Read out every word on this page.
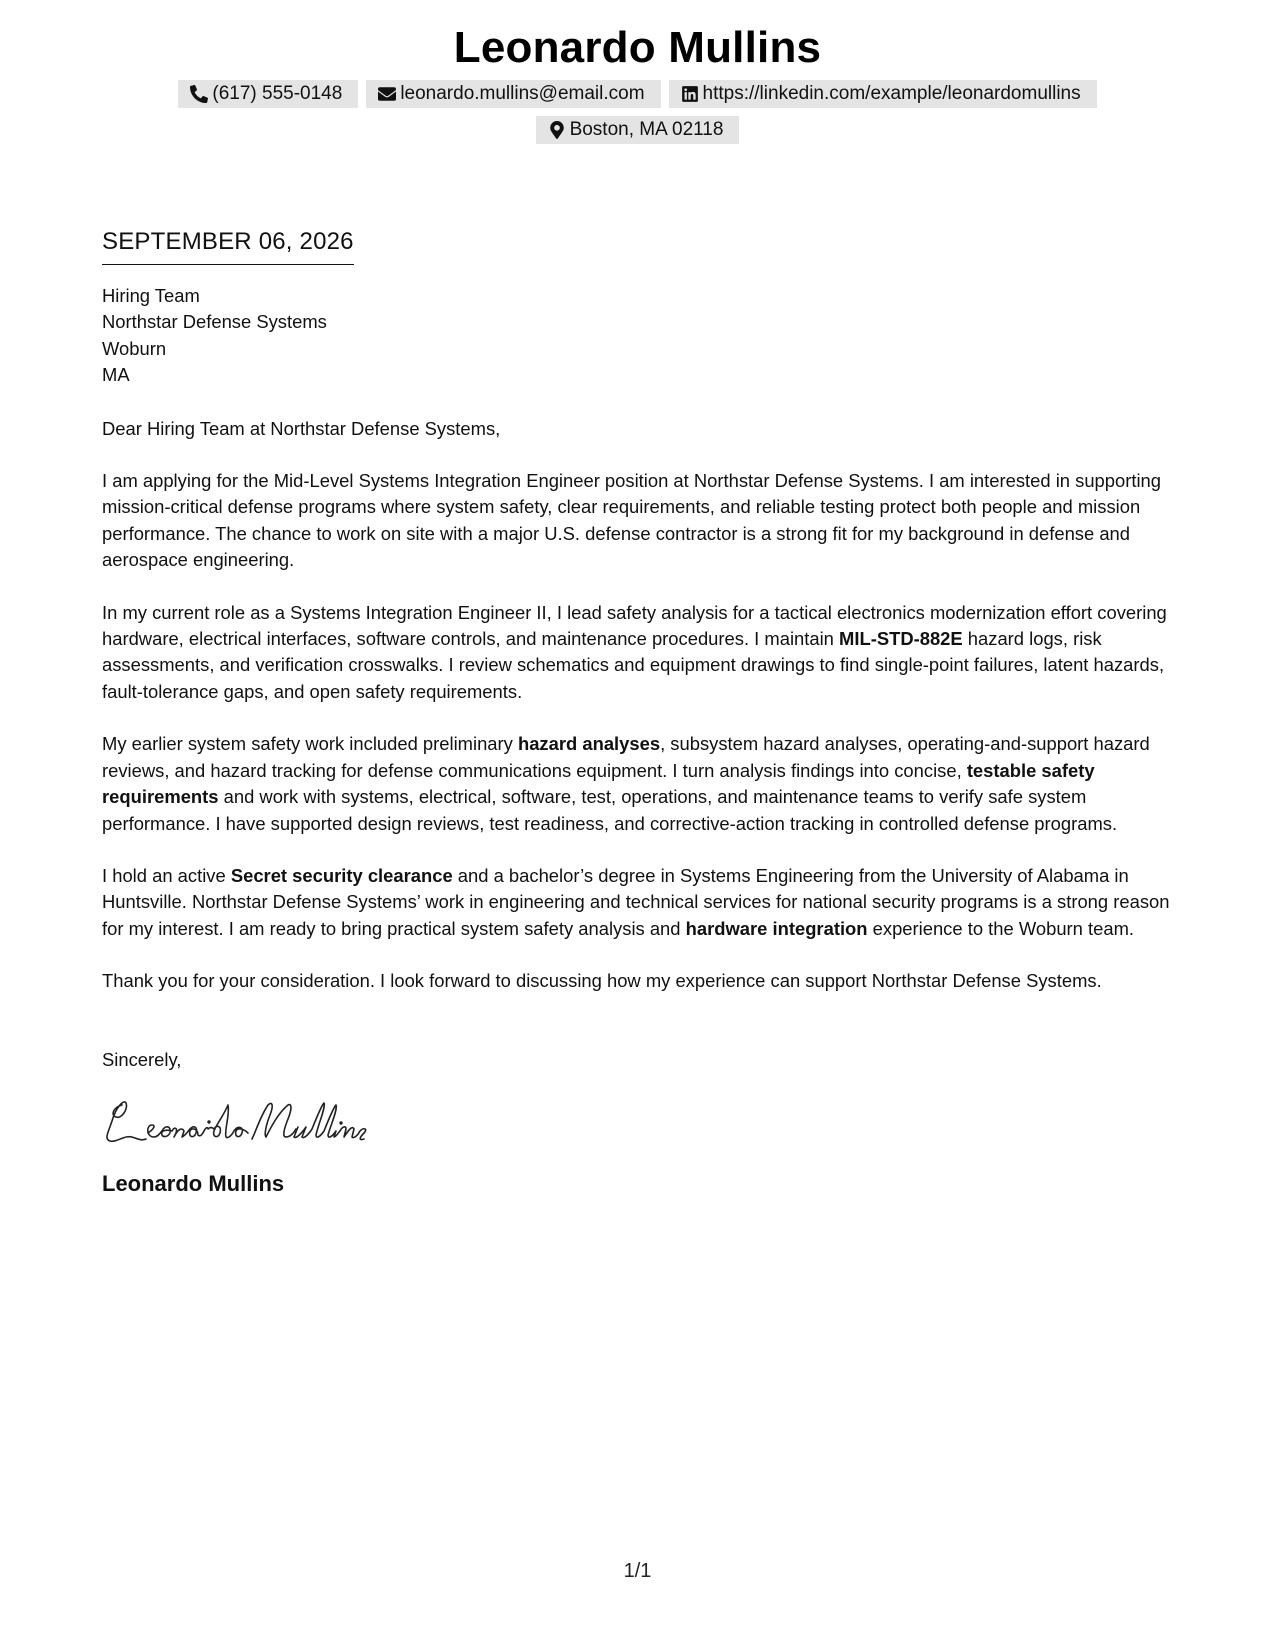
Leonardo Mullins
(617) 555-0148	leonardo.mullins@email.com	https://linkedin.com/example/leonardomullins
Boston, MA 02118
SEPTEMBER 06, 2026
Hiring Team
Northstar Defense Systems
Woburn
MA
Dear Hiring Team at Northstar Defense Systems,

I am applying for the Mid-Level Systems Integration Engineer position at Northstar Defense Systems. I am interested in supporting mission-critical defense programs where system safety, clear requirements, and reliable testing protect both people and mission performance. The chance to work on site with a major U.S. defense contractor is a strong fit for my background in defense and aerospace engineering.

In my current role as a Systems Integration Engineer II, I lead safety analysis for a tactical electronics modernization effort covering hardware, electrical interfaces, software controls, and maintenance procedures. I maintain MIL-STD-882E hazard logs, risk assessments, and verification crosswalks. I review schematics and equipment drawings to find single-point failures, latent hazards, fault-tolerance gaps, and open safety requirements.

My earlier system safety work included preliminary hazard analyses, subsystem hazard analyses, operating-and-support hazard reviews, and hazard tracking for defense communications equipment. I turn analysis findings into concise, testable safety requirements and work with systems, electrical, software, test, operations, and maintenance teams to verify safe system performance. I have supported design reviews, test readiness, and corrective-action tracking in controlled defense programs.

I hold an active Secret security clearance and a bachelor’s degree in Systems Engineering from the University of Alabama in Huntsville. Northstar Defense Systems’ work in engineering and technical services for national security programs is a strong reason for my interest. I am ready to bring practical system safety analysis and hardware integration experience to the Woburn team.

Thank you for your consideration. I look forward to discussing how my experience can support Northstar Defense Systems.

Sincerely,
Leonardo Mullins
1/1
